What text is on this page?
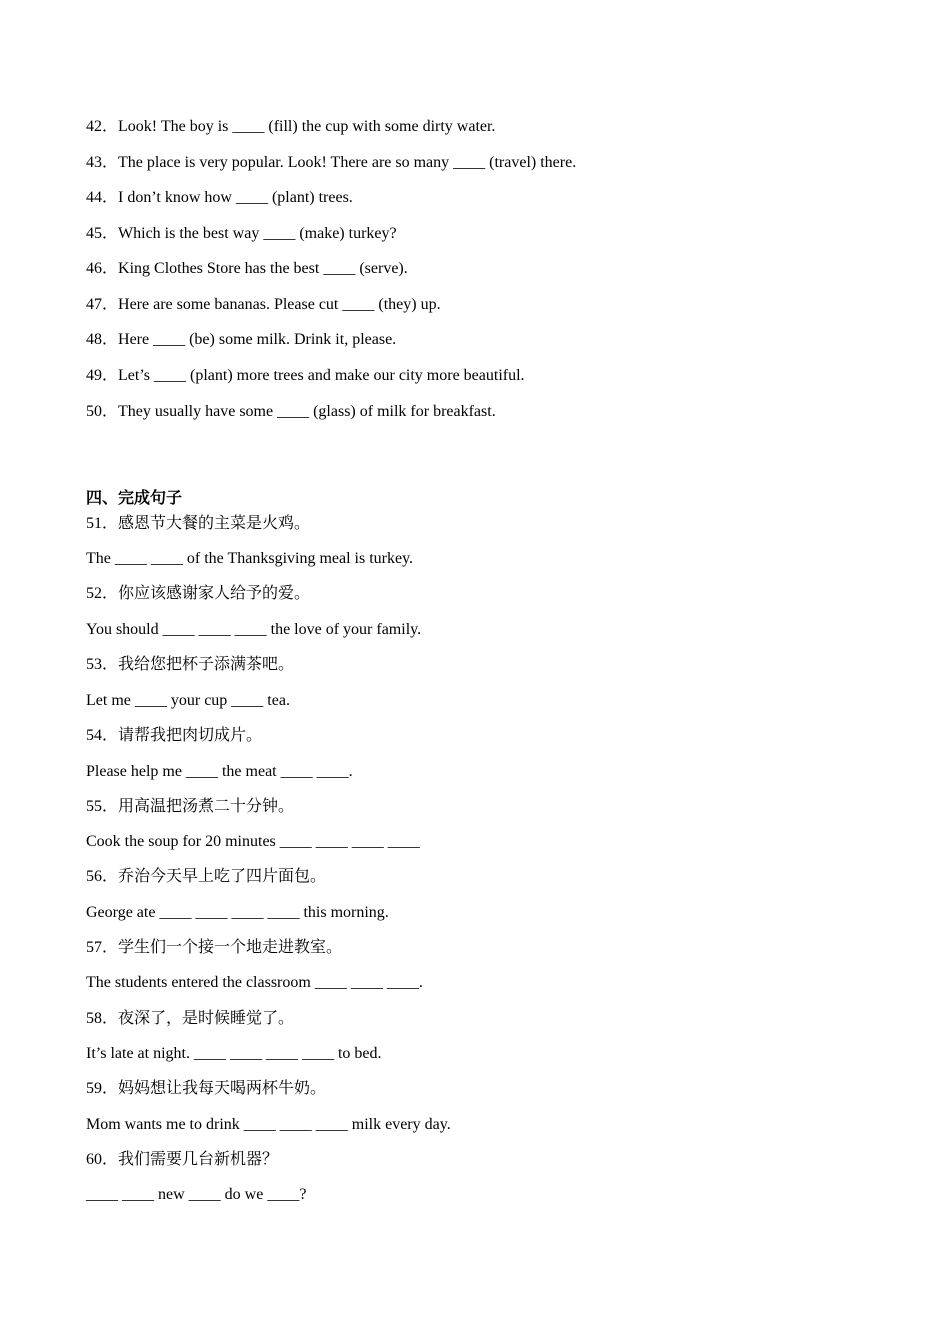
42．Look! The boy is ____ (fill) the cup with some dirty water.
43．The place is very popular. Look! There are so many ____ (travel) there.
44．I don’t know how ____ (plant) trees.
45．Which is the best way ____ (make) turkey?
46．King Clothes Store has the best ____ (serve).
47．Here are some bananas. Please cut ____ (they) up.
48．Here ____ (be) some milk. Drink it, please.
49．Let’s ____ (plant) more trees and make our city more beautiful.
50．They usually have some ____ (glass) of milk for breakfast.
四、完成句子
51．感恩节大餐的主菜是火鸡。
The ____ ____ of the Thanksgiving meal is turkey.
52．你应该感谢家人给予的爱。
You should ____ ____ ____ the love of your family.
53．我给您把杯子添满茶吧。
Let me ____ your cup ____ tea.
54．请帮我把肉切成片。
Please help me ____ the meat ____ ____.
55．用高温把汤煮二十分钟。
Cook the soup for 20 minutes ____ ____ ____ ____
56．乔治今天早上吃了四片面包。
George ate ____ ____ ____ ____ this morning.
57．学生们一个接一个地走进教室。
The students entered the classroom ____ ____ ____.
58．夜深了，是时候睡觉了。
It’s late at night. ____ ____ ____ ____ to bed.
59．妈妈想让我每天喝两杯牛奶。
Mom wants me to drink ____ ____ ____ milk every day.
60．我们需要几台新机器？
____ ____ new ____ do we ____?
